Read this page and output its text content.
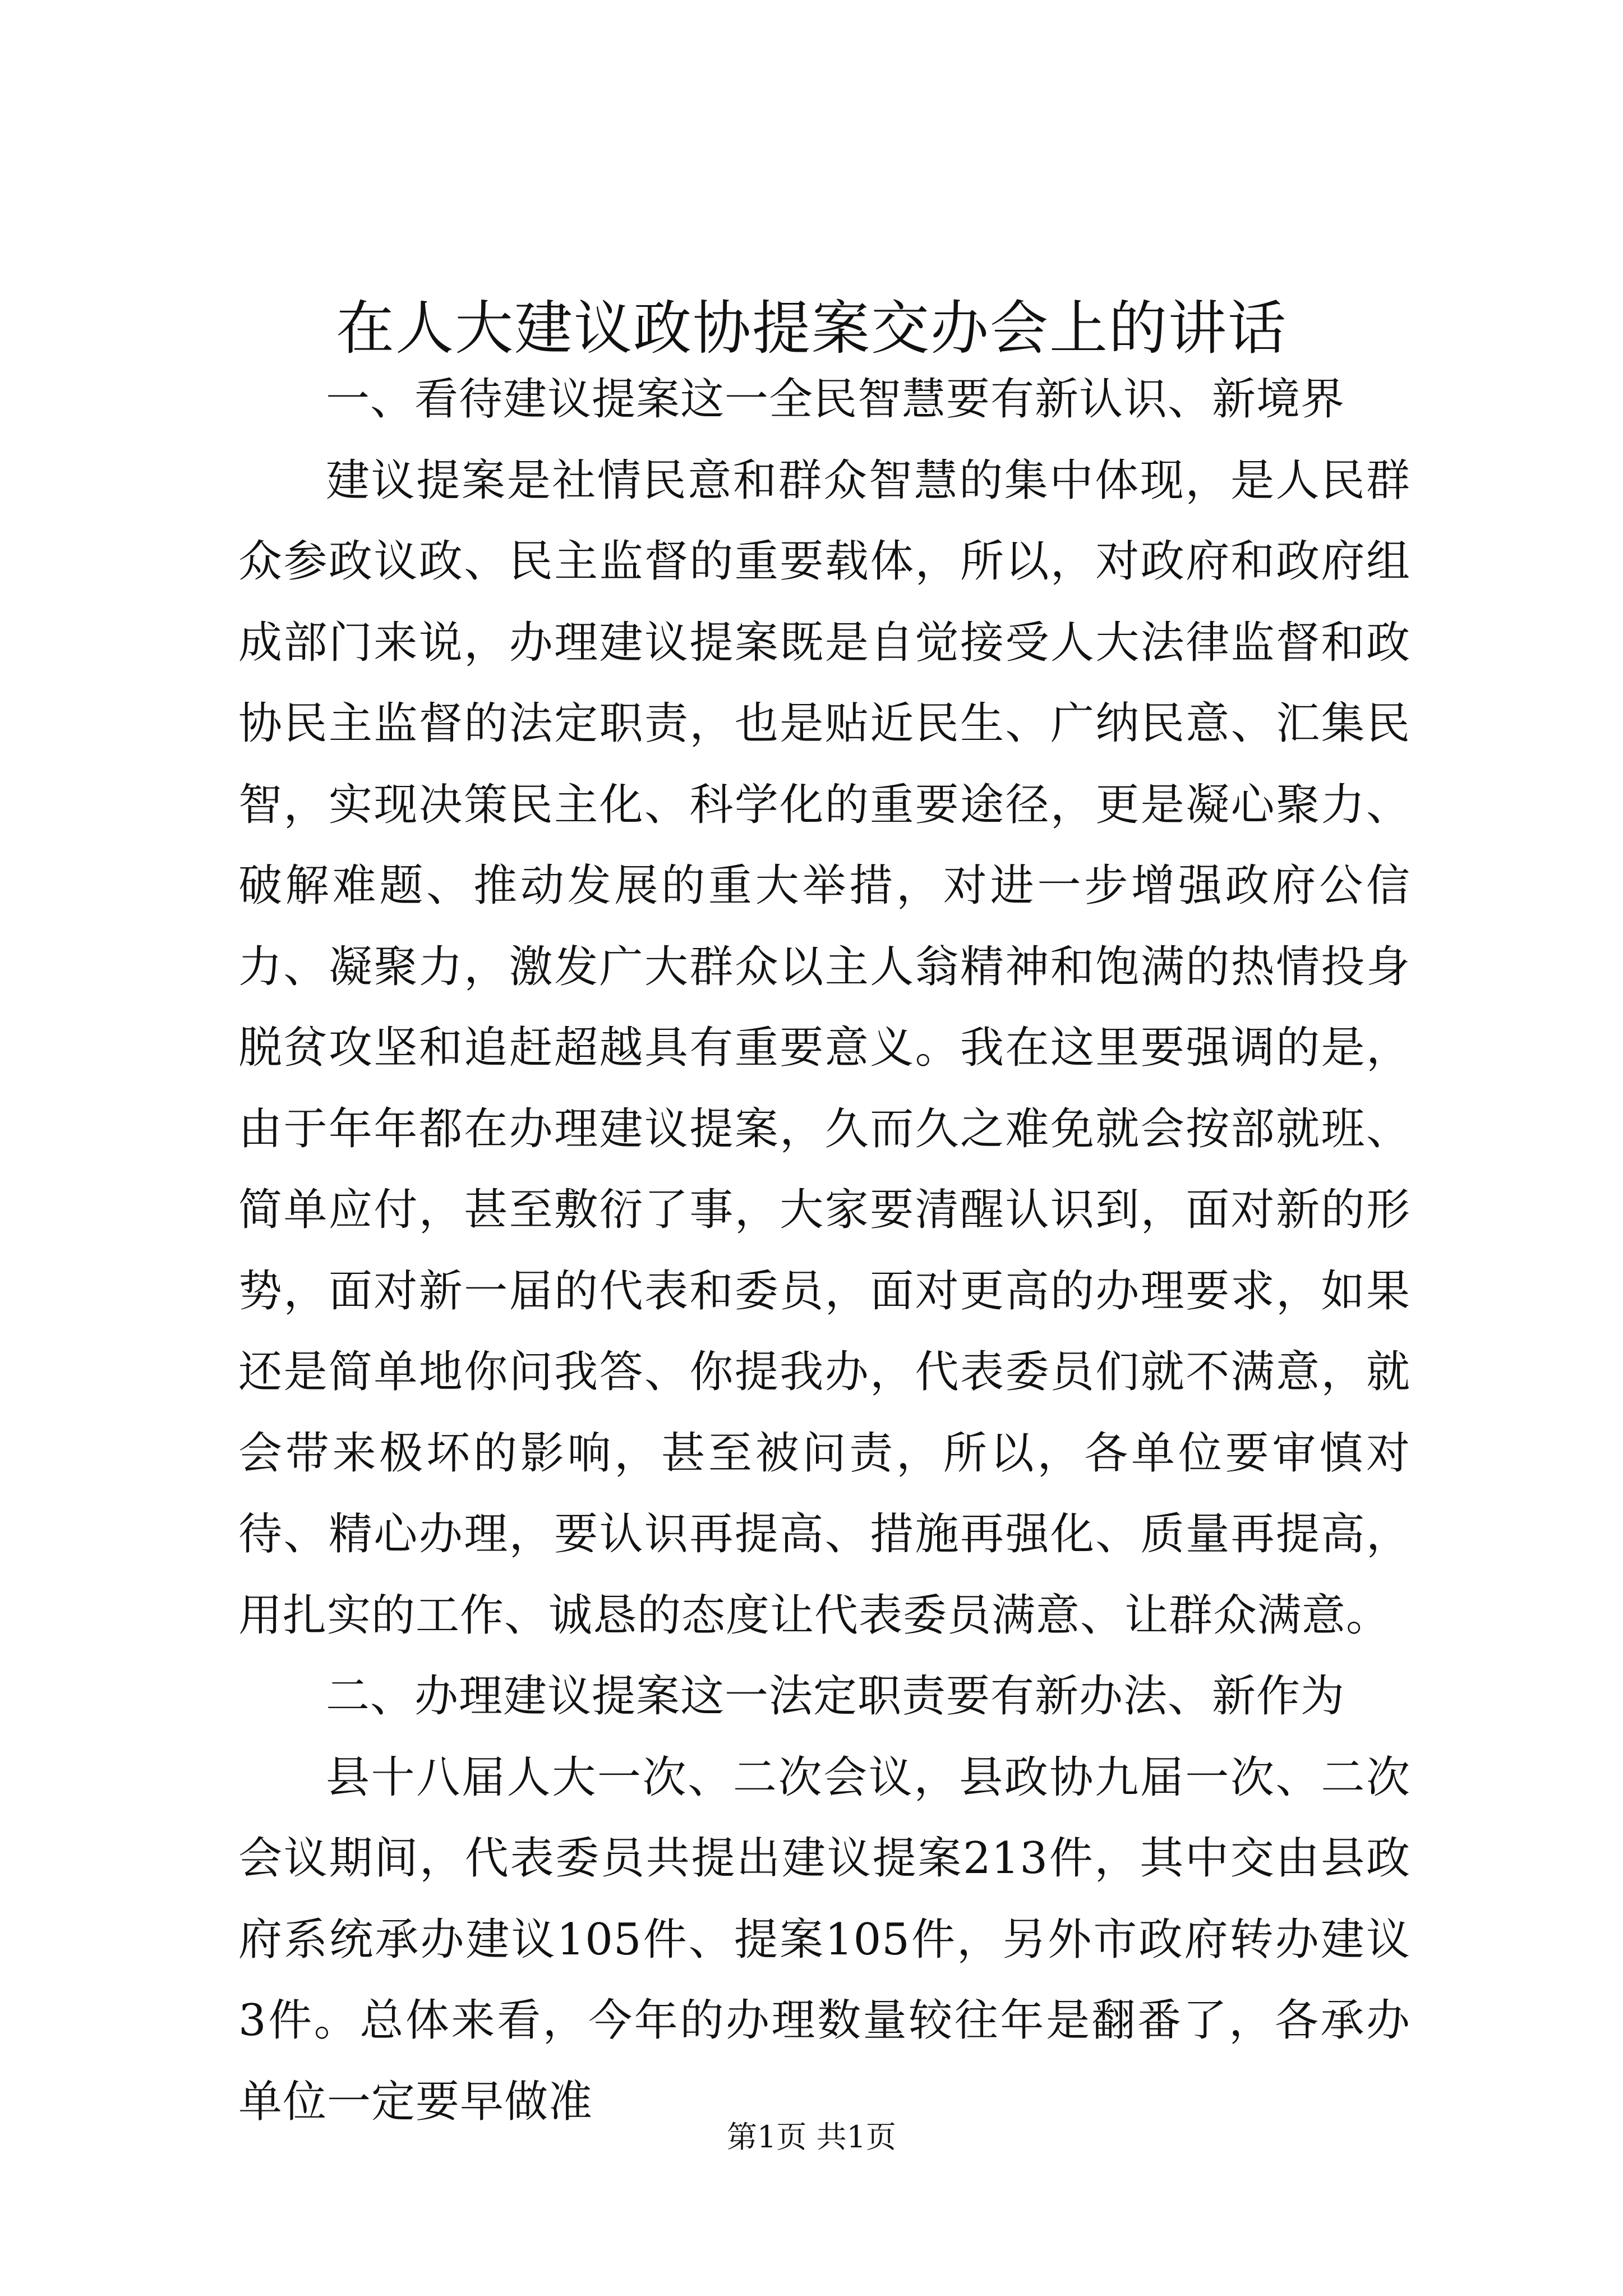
在人大建议政协提案交办会上的讲话

一、看待建议提案这一全民智慧要有新认识、新境界

建议提案是社情民意和群众智慧的集中体现，是人民群众参政议政、民主监督的重要载体，所以，对政府和政府组成部门来说，办理建议提案既是自觉接受人大法律监督和政协民主监督的法定职责，也是贴近民生、广纳民意、汇集民智，实现决策民主化、科学化的重要途径，更是凝心聚力、破解难题、推动发展的重大举措，对进一步增强政府公信力、凝聚力，激发广大群众以主人翁精神和饱满的热情投身脱贫攻坚和追赶超越具有重要意义。我在这里要强调的是，由于年年都在办理建议提案，久而久之难免就会按部就班、简单应付，甚至敷衍了事，大家要清醒认识到，面对新的形势，面对新一届的代表和委员，面对更高的办理要求，如果还是简单地你问我答、你提我办，代表委员们就不满意，就会带来极坏的影响，甚至被问责，所以，各单位要审慎对待、精心办理，要认识再提高、措施再强化、质量再提高，用扎实的工作、诚恳的态度让代表委员满意、让群众满意。

二、办理建议提案这一法定职责要有新办法、新作为

县十八届人大一次、二次会议，县政协九届一次、二次会议期间，代表委员共提出建议提案213件，其中交由县政府系统承办建议105件、提案105件，另外市政府转办建议3件。总体来看，今年的办理数量较往年是翻番了，各承办单位一定要早做准

第1页 共1页
